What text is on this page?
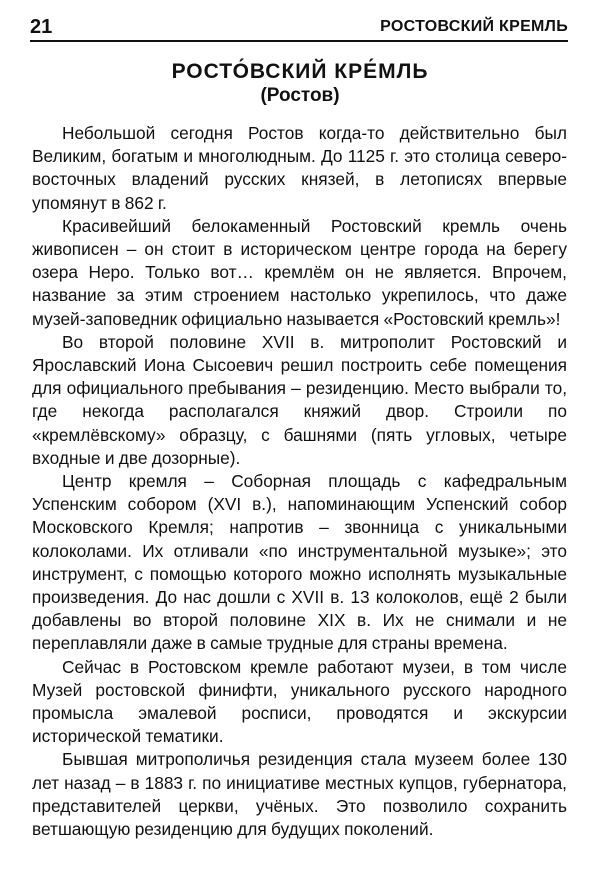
21	РОСТОВСКИЙ КРЕМЛЬ
РОСТО́ВСКИЙ КРЕ́МЛЬ
(Ростов)

Небольшой сегодня Ростов когда-то действительно был Великим, богатым и многолюдным. До 1125 г. это столица северо-восточных владений русских князей, в летописях впервые упомянут в 862 г.

Красивейший белокаменный Ростовский кремль очень живописен – он стоит в историческом центре города на берегу озера Неро. Только вот… кремлём он не является. Впрочем, название за этим строением настолько укрепилось, что даже музей-заповедник официально называется «Ростовский кремль»!

Во второй половине XVII в. митрополит Ростовский и Ярославский Иона Сысоевич решил построить себе помещения для официального пребывания – резиденцию. Место выбрали то, где некогда располагался княжий двор. Строили по «кремлёвскому» образцу, с башнями (пять угловых, четыре входные и две дозорные).

Центр кремля – Соборная площадь с кафедральным Успенским собором (XVI в.), напоминающим Успенский собор Московского Кремля; напротив – звонница с уникальными колоколами. Их отливали «по инструментальной музыке»; это инструмент, с помощью которого можно исполнять музыкальные произведения. До нас дошли с XVII в. 13 колоколов, ещё 2 были добавлены во второй половине XIX в. Их не снимали и не переплавляли даже в самые трудные для страны времена.

Сейчас в Ростовском кремле работают музеи, в том числе Музей ростовской финифти, уникального русского народного промысла эмалевой росписи, проводятся и экскурсии исторической тематики.

Бывшая митрополичья резиденция стала музеем более 130 лет назад – в 1883 г. по инициативе местных купцов, губернатора, представителей церкви, учёных. Это позволило сохранить ветшающую резиденцию для будущих поколений.
